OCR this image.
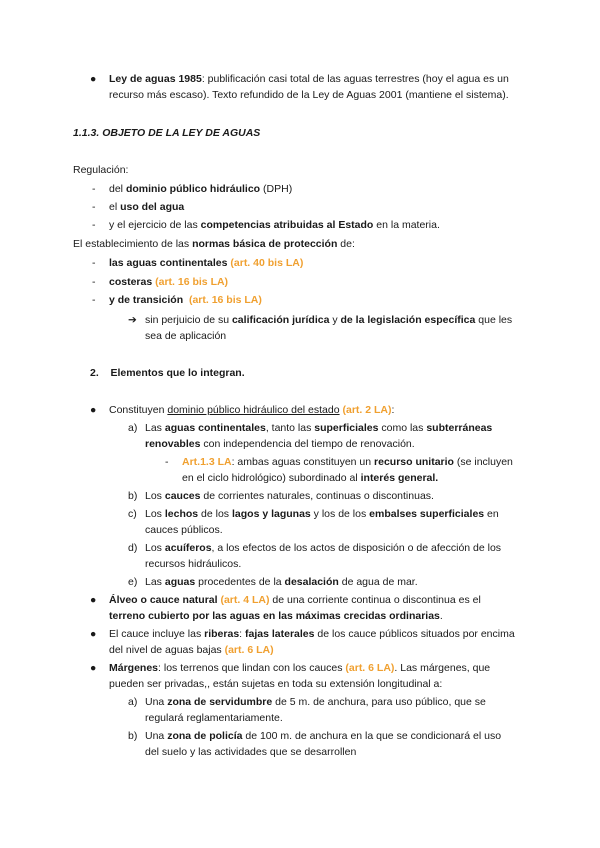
● Ley de aguas 1985: publificación casi total de las aguas terrestres (hoy el agua es un
recurso más escaso). Texto refundido de la Ley de Aguas 2001 (mantiene el sistema).
1.1.3. OBJETO DE LA LEY DE AGUAS
Regulación:
- del dominio público hidráulico (DPH)
- el uso del agua
- y el ejercicio de las competencias atribuidas al Estado en la materia.
El establecimiento de las normas básica de protección de:
- las aguas continentales (art. 40 bis LA)
- costeras (art. 16 bis LA)
- y de transición (art. 16 bis LA)
➔ sin perjuicio de su calificación jurídica y de la legislación específica que les
sea de aplicación
2. Elementos que lo integran.
● Constituyen dominio público hidráulico del estado (art. 2 LA):
a) Las aguas continentales, tanto las superficiales como las subterráneas
renovables con independencia del tiempo de renovación.
- Art.1.3 LA: ambas aguas constituyen un recurso unitario (se incluyen
en el ciclo hidrológico) subordinado al interés general.
b) Los cauces de corrientes naturales, continuas o discontinuas.
c) Los lechos de los lagos y lagunas y los de los embalses superficiales en
cauces públicos.
d) Los acuíferos, a los efectos de los actos de disposición o de afección de los
recursos hidráulicos.
e) Las aguas procedentes de la desalación de agua de mar.
● Álveo o cauce natural (art. 4 LA) de una corriente continua o discontinua es el
terreno cubierto por las aguas en las máximas crecidas ordinarias.
● El cauce incluye las riberas: fajas laterales de los cauce públicos situados por encima
del nivel de aguas bajas (art. 6 LA)
● Márgenes: los terrenos que lindan con los cauces (art. 6 LA). Las márgenes, que
pueden ser privadas,, están sujetas en toda su extensión longitudinal a:
a) Una zona de servidumbre de 5 m. de anchura, para uso público, que se
regulará reglamentariamente.
b) Una zona de policía de 100 m. de anchura en la que se condicionará el uso
del suelo y las actividades que se desarrollen
